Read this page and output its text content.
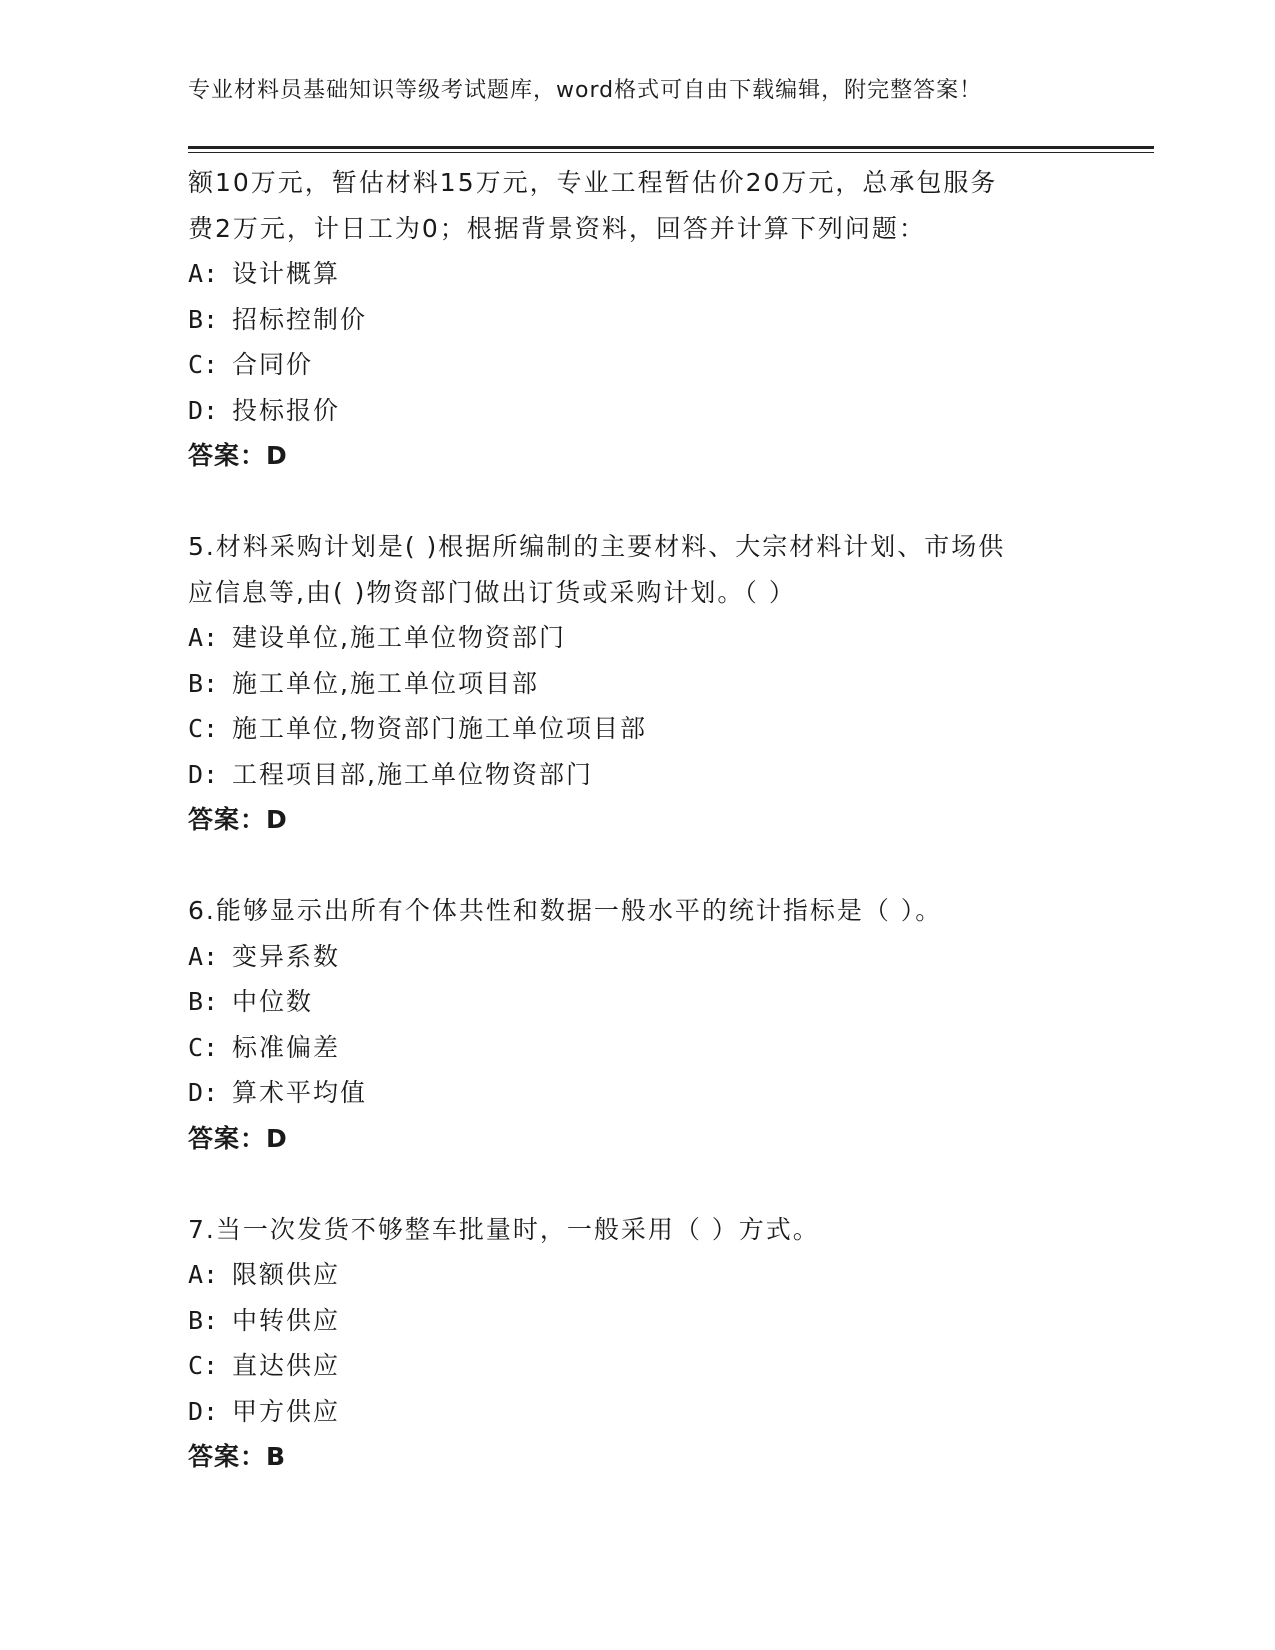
专业材料员基础知识等级考试题库，word格式可自由下载编辑，附完整答案！
额10万元，暂估材料15万元，专业工程暂估价20万元，总承包服务
费2万元，计日工为0；根据背景资料，回答并计算下列问题：
A: 设计概算
B: 招标控制价
C: 合同价
D: 投标报价
答案：D
5.材料采购计划是( )根据所编制的主要材料、大宗材料计划、市场供
应信息等,由( )物资部门做出订货或采购计划。（ ）
A: 建设单位,施工单位物资部门
B: 施工单位,施工单位项目部
C: 施工单位,物资部门施工单位项目部
D: 工程项目部,施工单位物资部门
答案：D
6.能够显示出所有个体共性和数据一般水平的统计指标是（ ）。
A: 变异系数
B: 中位数
C: 标准偏差
D: 算术平均值
答案：D
7.当一次发货不够整车批量时，一般采用（ ）方式。
A: 限额供应
B: 中转供应
C: 直达供应
D: 甲方供应
答案：B
